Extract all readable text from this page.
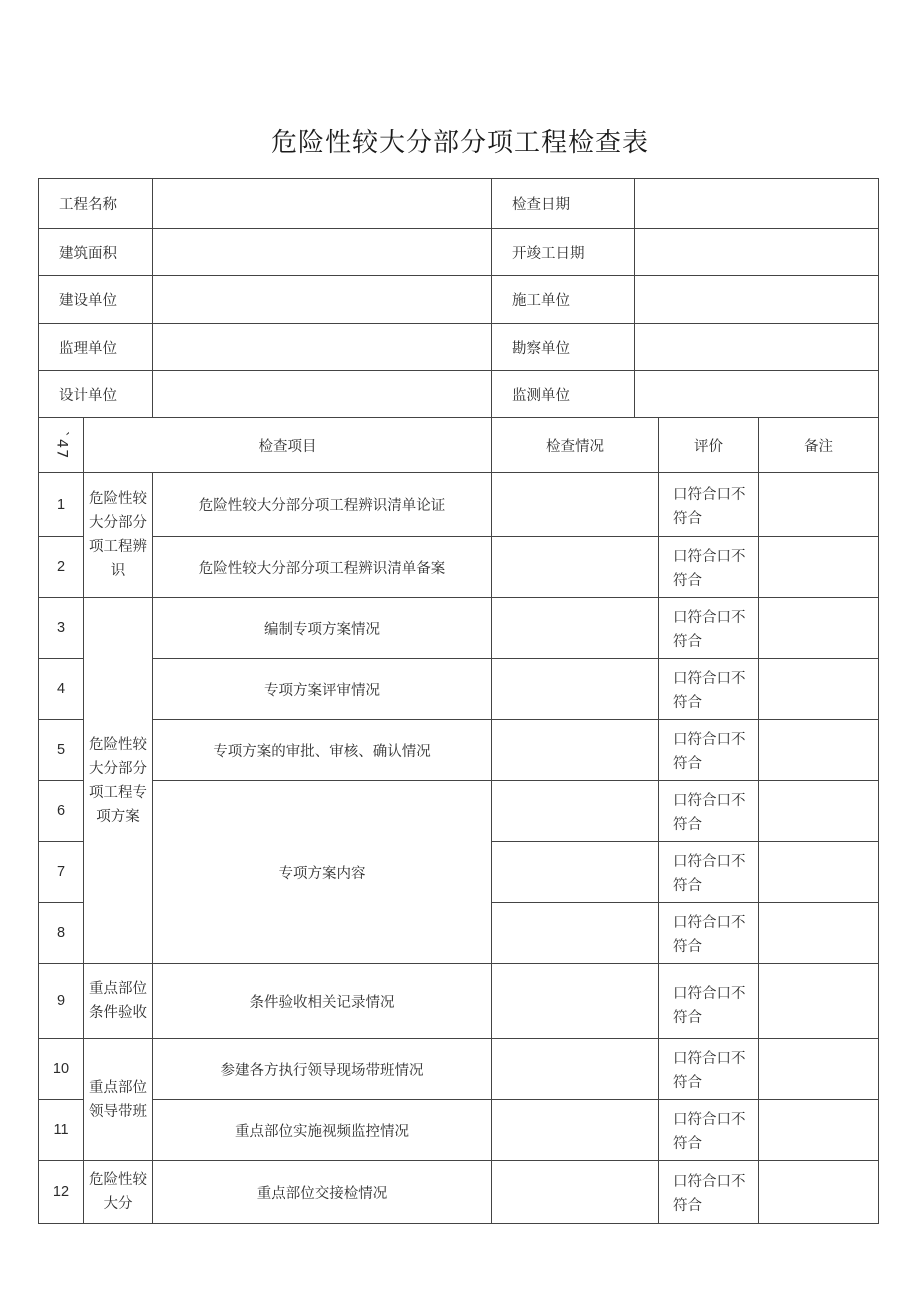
危险性较大分部分项工程检查表
工程名称			检查日期			
建筑面积			开竣工日期			
建设单位			施工单位			
监理单位			勘察单位			
设计单位			监测单位			
`47	检查项目		检查情况		评价	备注
1	危险性较大分部分项工程辨识	危险性较大分部分项工程辨识清单论证			口符合口不符合	
2		危险性较大分部分项工程辨识清单备案			口符合口不符合	
3	危险性较大分部分项工程专项方案	编制专项方案情况			口符合口不符合	
4		专项方案评审情况			口符合口不符合	
5		专项方案的审批、审核、确认情况			口符合口不符合	
6		专项方案内容			口符合口不符合	
7					口符合口不符合	
8					口符合口不符合	
9	重点部位条件验收	条件验收相关记录情况			口符合口不符合	
10	重点部位领导带班	参建各方执行领导现场带班情况			口符合口不符合	
11		重点部位实施视频监控情况			口符合口不符合	
12	危险性较大分	重点部位交接检情况			口符合口不符合	
